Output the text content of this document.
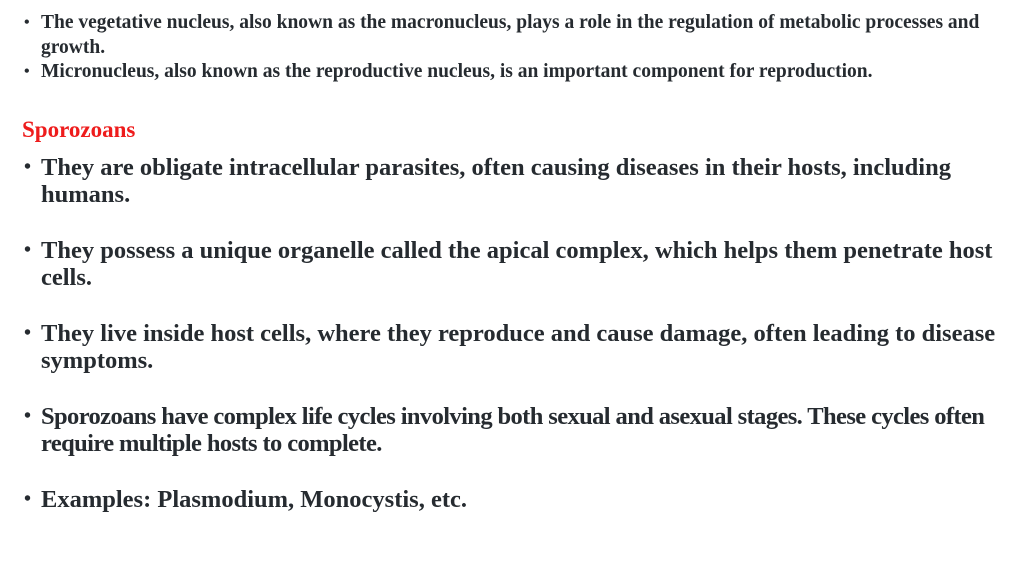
• The vegetative nucleus, also known as the macronucleus, plays a role in the regulation of metabolic processes and growth.
• Micronucleus, also known as the reproductive nucleus, is an important component for reproduction.
Sporozoans
• They are obligate intracellular parasites, often causing diseases in their hosts, including humans.
• They possess a unique organelle called the apical complex, which helps them penetrate host cells.
• They live inside host cells, where they reproduce and cause damage, often leading to disease symptoms.
• Sporozoans have complex life cycles involving both sexual and asexual stages. These cycles often require multiple hosts to complete.
• Examples: Plasmodium, Monocystis, etc.
